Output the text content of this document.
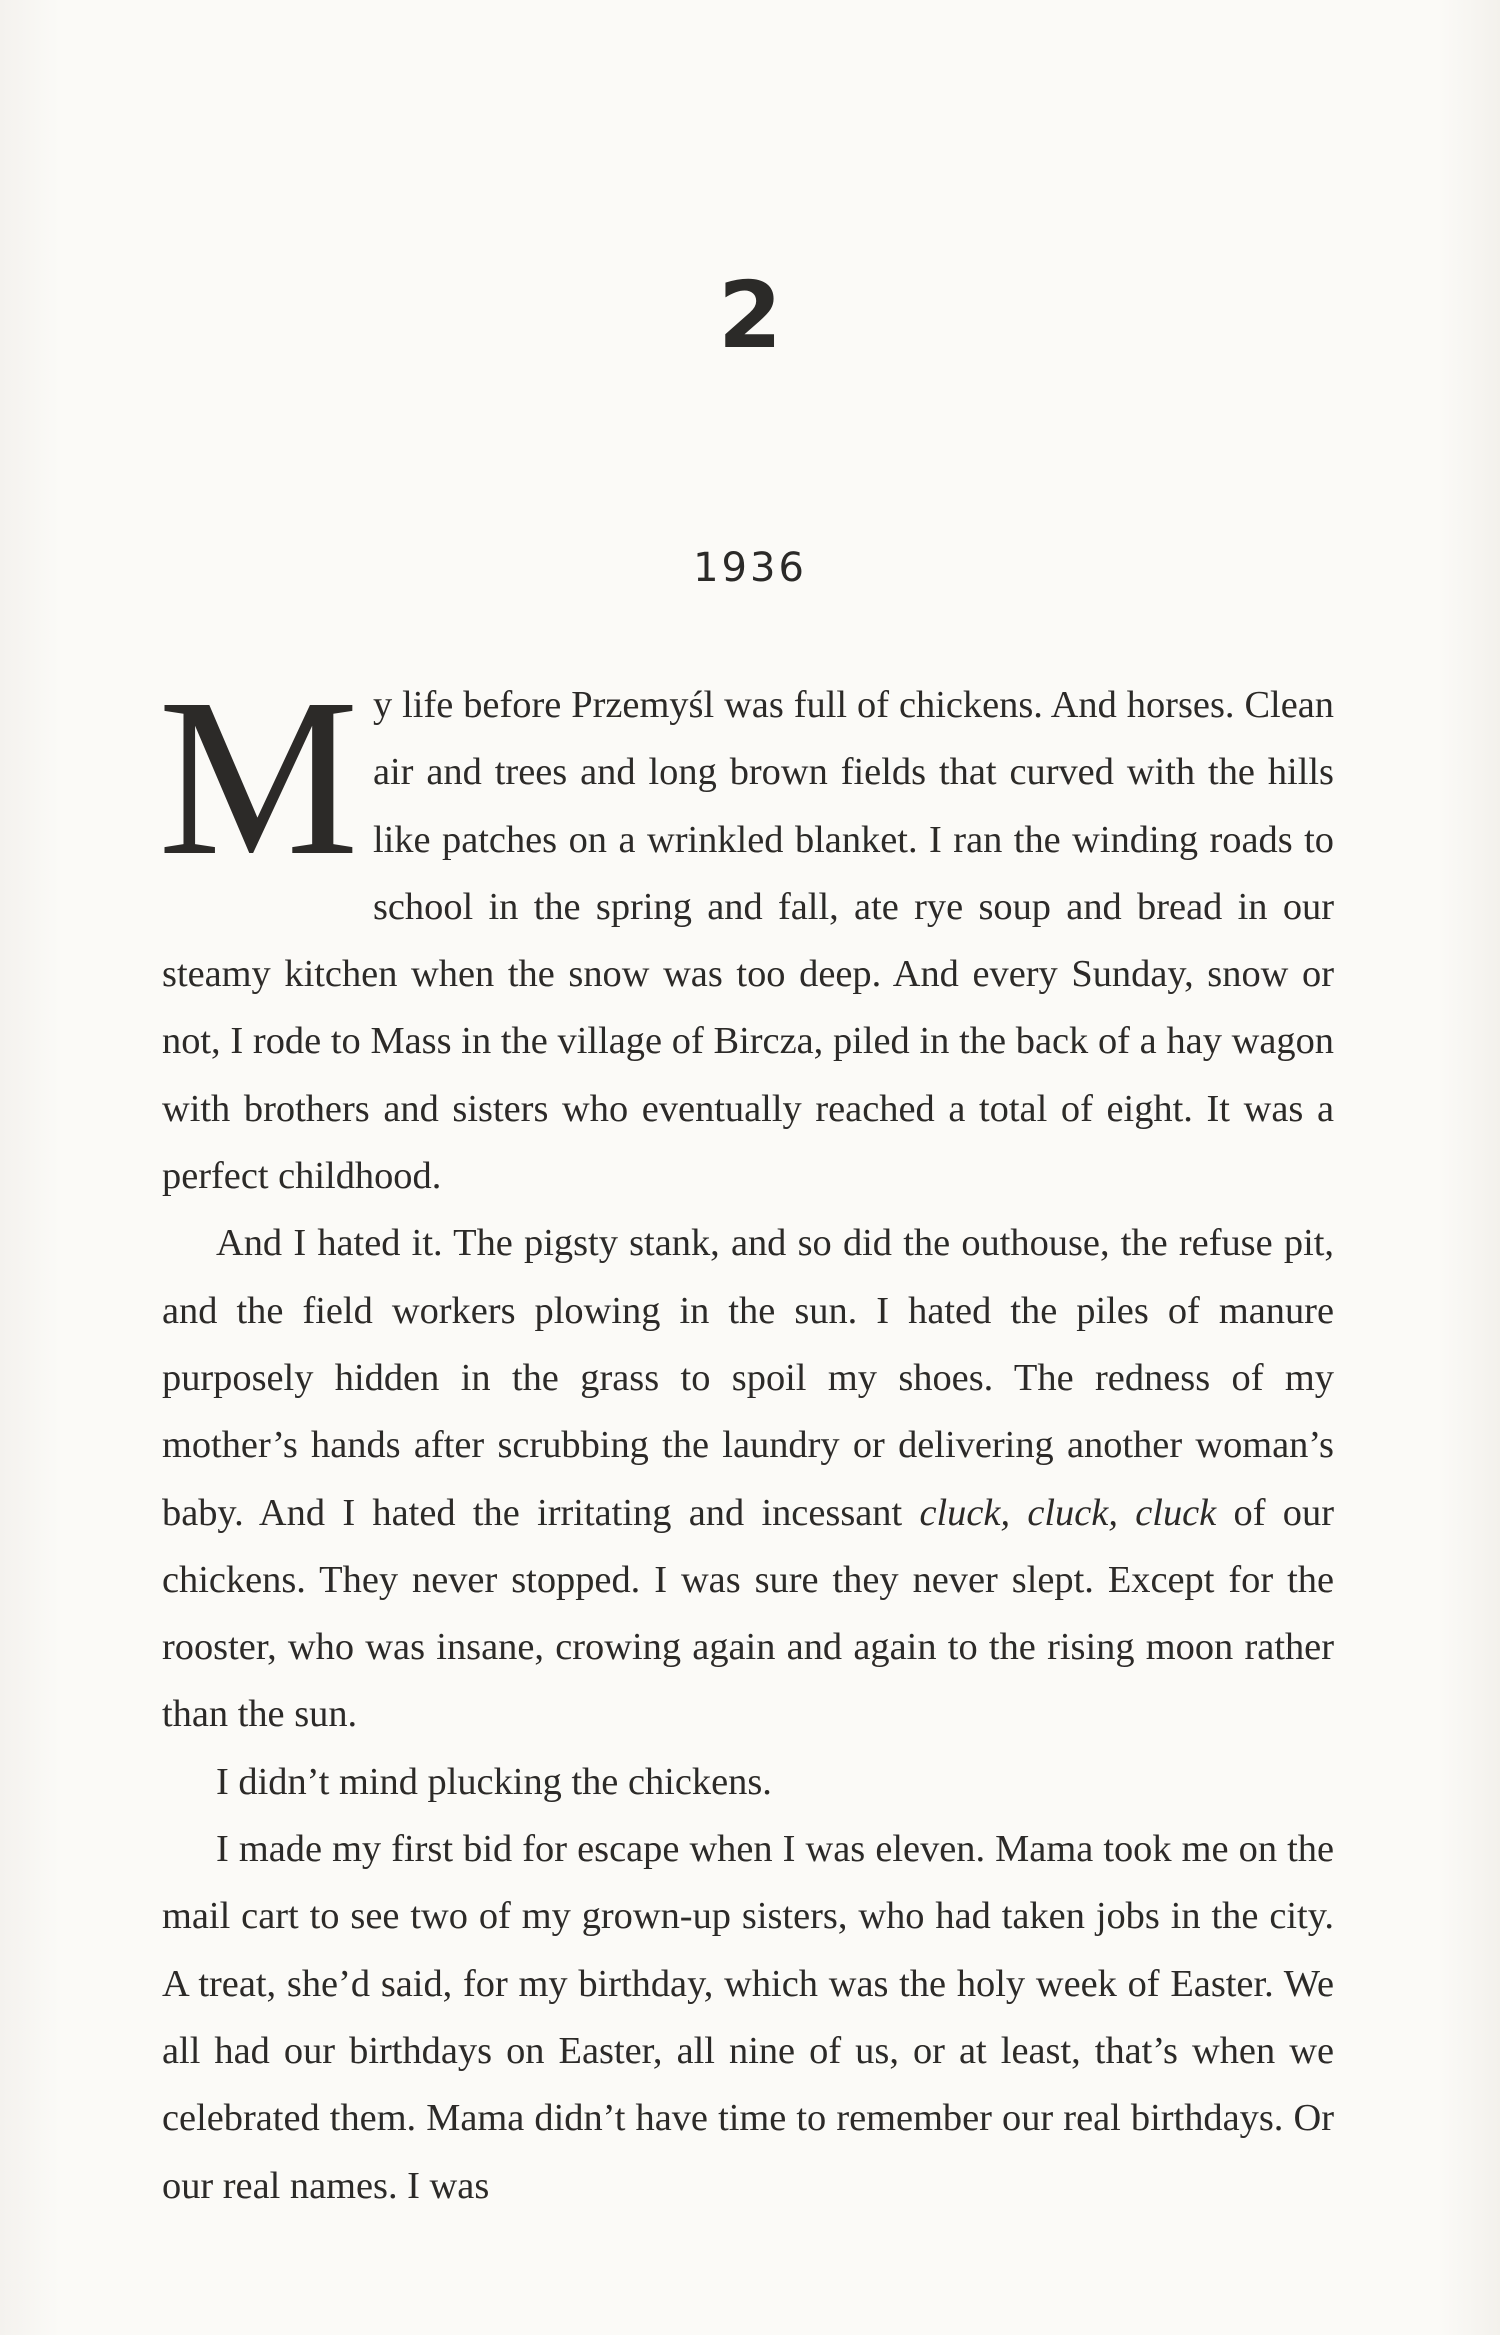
2
1936

My life before Przemyśl was full of chickens. And horses. Clean air and trees and long brown fields that curved with the hills like patches on a wrinkled blanket. I ran the winding roads to school in the spring and fall, ate rye soup and bread in our steamy kitchen when the snow was too deep. And every Sunday, snow or not, I rode to Mass in the village of Bircza, piled in the back of a hay wagon with brothers and sisters who eventually reached a total of eight. It was a perfect childhood.

And I hated it. The pigsty stank, and so did the outhouse, the refuse pit, and the field workers plowing in the sun. I hated the piles of manure purposely hidden in the grass to spoil my shoes. The redness of my mother’s hands after scrubbing the laundry or delivering another woman’s baby. And I hated the irritating and incessant cluck, cluck, cluck of our chickens. They never stopped. I was sure they never slept. Except for the rooster, who was insane, crowing again and again to the rising moon rather than the sun.

I didn’t mind plucking the chickens.

I made my first bid for escape when I was eleven. Mama took me on the mail cart to see two of my grown-up sisters, who had taken jobs in the city. A treat, she’d said, for my birthday, which was the holy week of Easter. We all had our birthdays on Easter, all nine of us, or at least, that’s when we celebrated them. Mama didn’t have time to remember our real birthdays. Or our real names. I was
